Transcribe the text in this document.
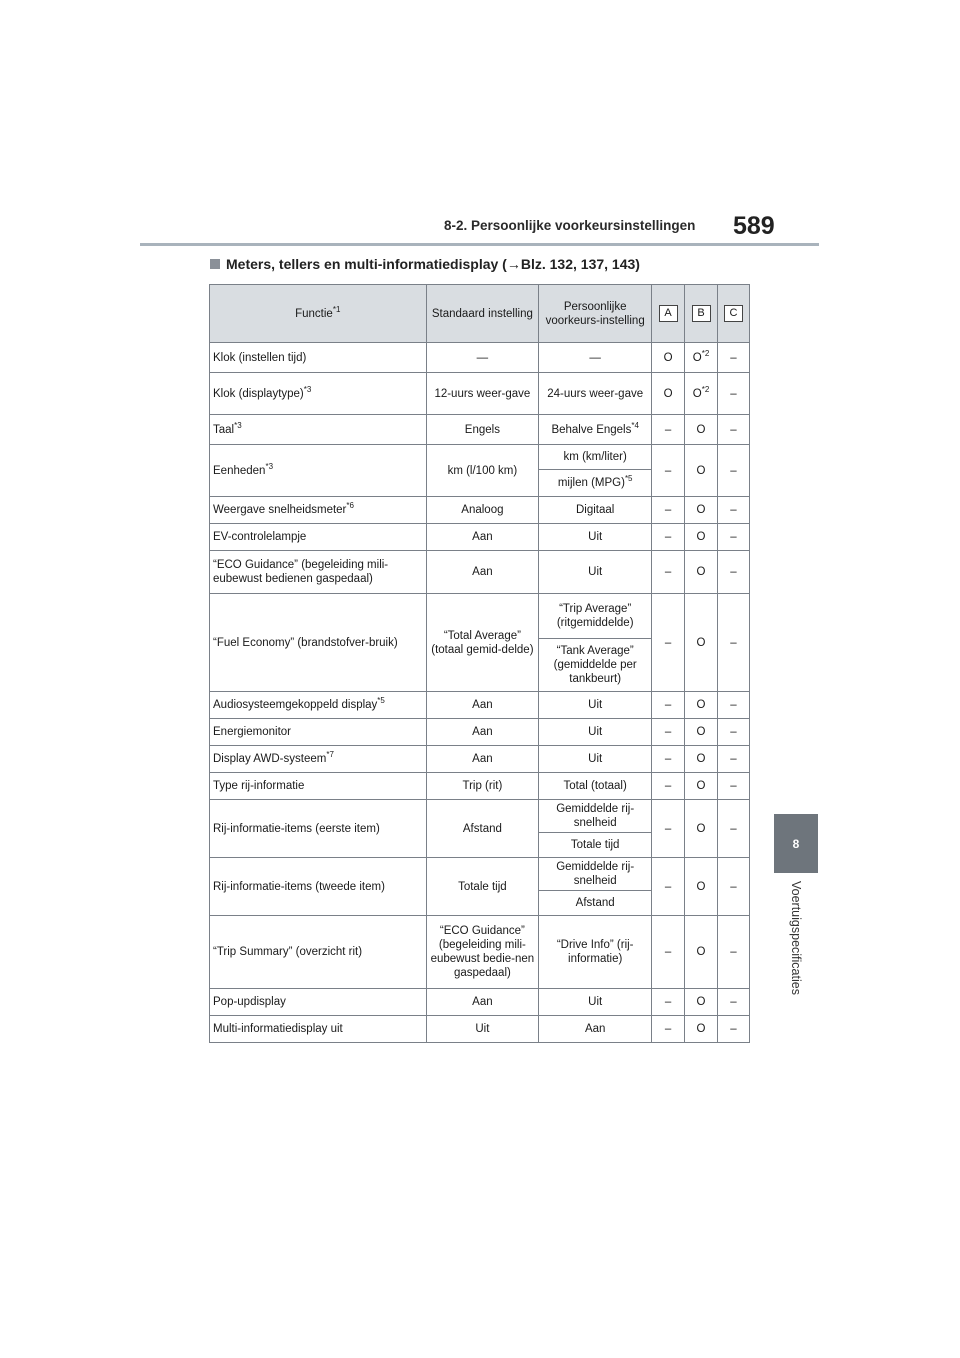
8-2. Persoonlijke voorkeursinstellingen 589
8
Voertuigspecificaties
Meters, tellers en multi-informatiedisplay (→Blz. 132, 137, 143)
Functie$^{*1}$	Standaard instelling	Persoonlijke voorkeurs-instelling	A	B	C
Klok (instellen tijd)	—	—	O	$O^{*2}$	–
Klok (displaytype)$^{*3}$	12-uurs weer-gave	24-uurs weer-gave	O	$O^{*2}$	–
Taal$^{*3}$	Engels	Behalve Engels$^{*4}$	–	O	–
Eenheden$^{*3}$	km (l/100 km)	km (km/liter)	–	O	–
		mijlen (MPG)$^{*5}$
Weergave snelheidsmeter$^{*6}$	Analoog	Digitaal	–	O	–
EV-controlelampje	Aan	Uit	–	O	–
“ECO Guidance” (begeleiding mili-eubewust bedienen gaspedaal)	Aan	Uit	–	O	–
“Fuel Economy” (brandstofver-bruik)	“Total Average” (totaal gemid-delde)	“Trip Average” (ritgemiddelde)	–	O	–
		“Tank Average” (gemiddelde per tankbeurt)			
Audiosysteemgekoppeld display$^{*5}$	Aan	Uit	–	O	–
Energiemonitor	Aan	Uit	–	O	–
Display AWD-systeem$^{*7}$	Aan	Uit	–	O	–
Type rij-informatie	Trip (rit)	Total (totaal)	–	O	–
Rij-informatie-items (eerste item)	Afstand	Gemiddelde rij-snelheid	–	O	–
		Totale tijd			
Rij-informatie-items (tweede item)	Totale tijd	Gemiddelde rij-snelheid	–	O	–
		Afstand			
“Trip Summary” (overzicht rit)	“ECO Guidance” (begeleiding mili-eubewust bedie-nen gaspedaal)	“Drive Info” (rij-informatie)	–	O	–
Pop-updisplay	Aan	Uit	–	O	–
Multi-informatiedisplay uit	Uit	Aan	–	O	–
